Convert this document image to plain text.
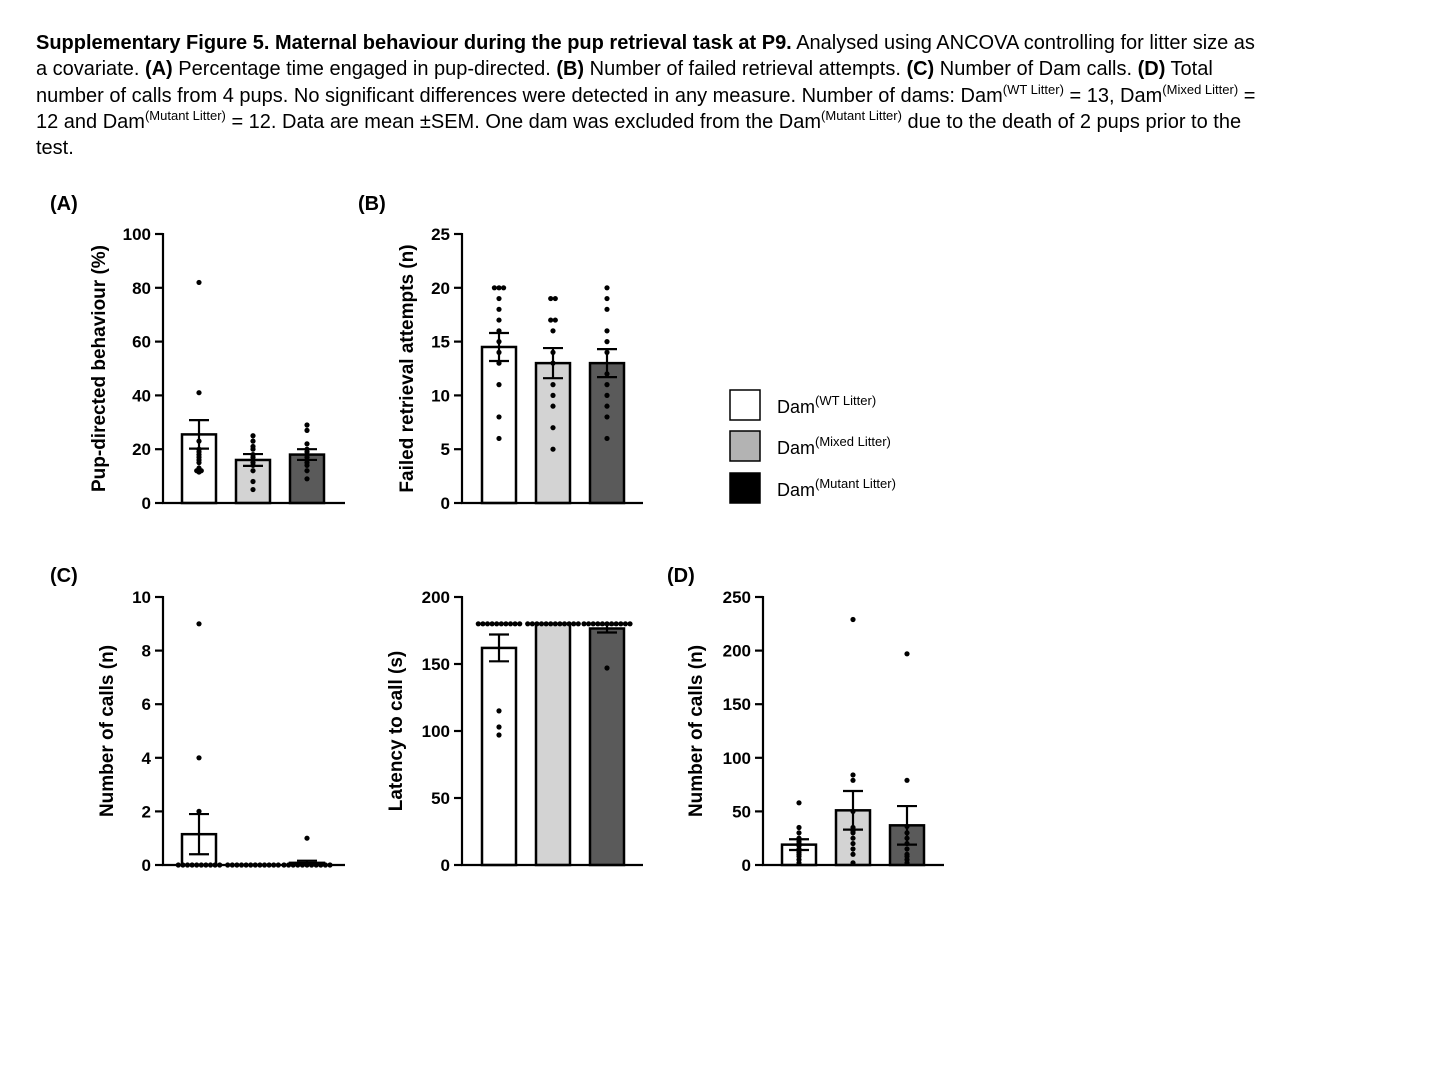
Supplementary Figure 5. Maternal behaviour during the pup retrieval task at P9. Analysed using ANCOVA controlling for litter size as a covariate. (A) Percentage time engaged in pup-directed. (B) Number of failed retrieval attempts. (C) Number of Dam calls. (D) Total number of calls from 4 pups. No significant differences were detected in any measure. Number of dams: Dam$^{(WT Litter)}$ = 13, Dam$^{(Mixed Litter)}$ = 12 and Dam$^{(Mutant Litter)}$ = 12. Data are mean ±SEM. One dam was excluded from the Dam$^{(Mutant Litter)}$ due to the death of 2 pups prior to the test.
(A)
0
20
40
60
80
100
Pup-directed behaviour (%)
(B)
0
5
10
15
20
25
Failed retrieval attempts (n)
(C)
0
2
4
6
8
10
Number of calls (n)
0
50
100
150
200
Latency to call (s)
(D)
0
50
100
150
200
250
Number of calls (n)
Dam$^{(WT Litter)}$
Dam$^{(Mixed Litter)}$
Dam$^{(Mutant Litter)}$
